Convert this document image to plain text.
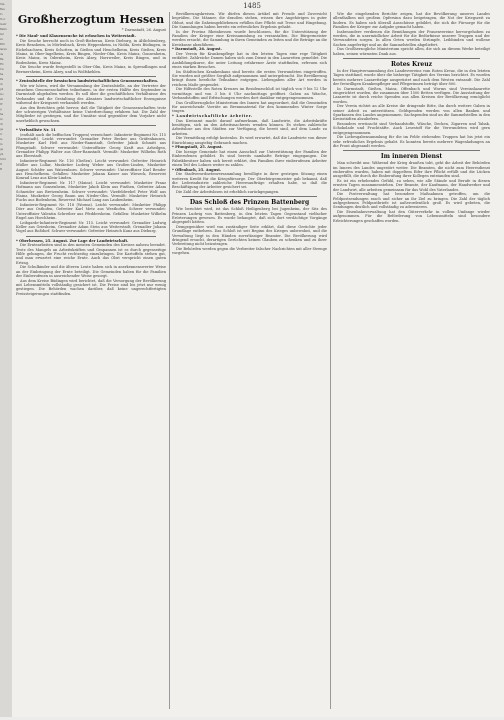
Sta
Bes
fo
Nov
Gebr
Bahn
tar
zu
Bür
laren
de
Ba
Rö
Ca
ha
Pa
di
ph
Go
sti
W
g
ha
ni
dt
ge
lc
le
m
ge
ph
Schl
N
B
1485
Großherzogtum Hessen
* Darmstadt, 26. August

* Die Maul- und Klauenseuche ist erloschen in Weiterstadt.

Die Seuche herrscht noch in Groß-Bieberau, Kreis Dieburg, in Altlichtenberg, Kreis Bensheim, in Mörlenbach, Kreis Heppenheim, in Nidda, Kreis Büdingen, in Eichelsachsen, Kreis Schotten, in Gießen und Heuchelheim, Kreis Gießen, Kreis Mainz, in Ober-Ingelheim, Kreis Bingen, Nieder-Olm, Kreis Mainz, Gonsenheim, Kreis Mainz, in Odernheim, Kreis Alzey, Horrweiler, Kreis Bingen, und in Bodenheim, Kreis Mainz.

Die Seuche wurde festgestellt in Ober-Olm, Kreis Mainz, in Sprendlingen und Bermersheim, Kreis Alzey, und in Wolfskehlen.

* Zentralstelle der hessischen landwirtschaftlichen Genossenschaften.

Wie wir hören, wird die Versammlung der Zentralstelle, an der Vertreter der einzelnen Genossenschaften teilnehmen, in der ersten Hälfte des September in Darmstadt abgehalten werden. Es soll über die geschäftlichen Verhältnisse des Verbandes und die Gestaltung des Absatzes landwirtschaftlicher Erzeugnisse während der Kriegszeit verhandelt werden.

Aus den Berichten geht hervor, daß die Tätigkeit der Genossenschaften trotz der schwierigen Verhältnisse keine Unterbrechung erfahren hat. Die Zahl der Mitglieder ist gestiegen, und die Umsätze sind gegenüber dem Vorjahre nicht unerheblich gewachsen.

* Verlustliste Nr. 11

(enthält auch die heffischen Truppen) verzeichnet: Infanterie-Regiment Nr. 115 (Darmstadt). Leicht verwundet: Grenadier Peter Becker aus Gräfenhausen, Musketier Karl Heß aus Nieder-Ramstadt, Gefreiter Jakob Schmitt aus Pfungstadt. Schwer verwundet: Unteroffizier Georg Kraft aus Arheilgen, Grenadier Philipp Walter aus Ober-Ramstadt. Vermißt: Musketier Wilhelm Roth aus Eberstadt.

Infanterie-Regiment Nr. 116 (Gießen). Leicht verwundet: Gefreiter Heinrich Müller aus Lollar, Musketier Ludwig Weber aus Großen-Linden, Musketier August Schäfer aus Watzenborn. Schwer verwundet: Unteroffizier Karl Bender aus Heuchelheim. Gefallen: Musketier Johann Kaiser aus Wieseck, Reservist Konrad Lenz aus Klein-Linden.

Infanterie-Regiment Nr. 117 (Mainz). Leicht verwundet: Musketier Franz Hofmann aus Gonsenheim, Musketier Jakob Klein aus Finthen, Gefreiter Adam Schneider aus Bretzenheim. Schwer verwundet: Vizefeldwebel Peter Wolf aus Mainz, Musketier Georg Baum aus Nieder-Olm. Vermißt: Musketier Heinrich Fuchs aus Bodenheim, Reservist Michael Lang aus Laubenheim.

Infanterie-Regiment Nr. 118 (Worms). Leicht verwundet: Musketier Philipp Dörr aus Osthofen, Gefreiter Karl Metz aus Westhofen. Schwer verwundet: Unteroffizier Valentin Schreiber aus Pfeddersheim. Gefallen: Musketier Wilhelm Engel aus Horchheim.

Leibgarde-Infanterie-Regiment Nr. 115. Leicht verwundet: Grenadier Ludwig Keller aus Griesheim, Grenadier Adam Stein aus Weiterstadt, Grenadier Johann Vogel aus Roßdorf. Schwer verwundet: Gefreiter Heinrich Kunz aus Dieburg.

* Oberhessen, 25. August. Zur Lage der Landwirtschaft.

Die Erntearbeiten sind in den meisten Gemeinden des Kreises nahezu beendet. Trotz des Mangels an Arbeitskräften und Gespannen ist es durch gegenseitige Hilfe gelungen, die Frucht rechtzeitig einzubringen. Die Kartoffeln stehen gut, und man erwartet eine reiche Ernte. Auch das Obst verspricht einen guten Ertrag.

Die Schulkinder und die älteren Leute haben sich in anerkennenswerter Weise an der Einbringung der Ernte beteiligt. Die Gemeinden haben für die Familien der Einberufenen in ausreichender Weise gesorgt.

Aus dem Kreise Büdingen wird berichtet, daß die Versorgung der Bevölkerung mit Lebensmitteln vollständig gesichert ist. Die Preise sind bis jetzt nur wenig gestiegen. Die Behörden wachen darüber, daß keine ungerechtfertigten Preissteigerungen stattfinden.

Bevölkerungskreisen. Wir dürfen diesen Artikel mit Freude und Zuversicht begrüßen. Die Männer, die draußen stehen, wissen ihre Angehörigen in guter Obhut, und die Daheimgebliebenen erfüllen ihre Pflicht mit Treue und Hingebung. Die Sammlungen haben bereits ein erfreuliches Ergebnis gehabt.

In der Provinz Rheinhessen wurde beschlossen, für die Unterstützung der Familien der Krieger eine Kreissammlung zu veranstalten. Die Bürgermeister werden ersucht, die Sammlung in ihren Gemeinden zu leiten und die Beträge an die Kreiskasse abzuführen.

* Darmstadt, 26. August.

Der Verein für Krankenpflege hat in den letzten Tagen eine rege Tätigkeit entfaltet. Zahlreiche Damen haben sich zum Dienst in den Lazaretten gemeldet. Die Ausbildungskurse, die unter Leitung erfahrener Ärzte stattfinden, erfreuen sich eines starken Besuches.

Im Städtischen Krankenhaus sind bereits die ersten Verwundeten eingetroffen. Sie wurden mit größter Sorgfalt aufgenommen und untergebracht. Die Bevölkerung bringt ihnen herzliche Teilnahme entgegen. Liebesgaben aller Art werden in reichem Maße gespendet.

Die Hilfsstelle des Roten Kreuzes im Residenzschloß ist täglich von 9 bis 12 Uhr vormittags und von 3 bis 6 Uhr nachmittags geöffnet. Gaben an Wäsche, Verbandstoffen und Erfrischungen werden dort dankbar entgegengenommen.

Das Großherzogliche Ministerium des Innern hat angeordnet, daß die Gemeinden für ausreichende Vorräte an Brennmaterial für den kommenden Winter Sorge tragen.

* Landwirtschaftliche Arbeiter.

Das Kreisamt macht darauf aufmerksam, daß Landwirte, die Arbeitskräfte benötigen, sich an den Arbeitsnachweis wenden können. Es stehen zahlreiche Arbeitslose aus den Städten zur Verfügung, die bereit sind, auf dem Lande zu arbeiten.

Die Vermittlung erfolgt kostenlos. Es wird erwartet, daß die Landwirte von dieser Einrichtung ausgiebig Gebrauch machen.

* Pfungstadt, 25. August.

Die hiesige Gemeinde hat einen Ausschuß zur Unterstützung der Familien der Einberufenen gebildet. Es sind bereits namhafte Beträge eingegangen. Die Fabrikbesitzer haben sich bereit erklärt, den Familien ihrer einberufenen Arbeiter einen Teil des Lohnes weiter zu zahlen.

* Offenbach, 25. August.

Die Stadtverordnetenversammlung bewilligte in ihrer gestrigen Sitzung einen weiteren Kredit für die Kriegsfürsorge. Der Oberbürgermeister gab bekannt, daß die Lederindustrie zahlreiche Heeresaufträge erhalten habe, so daß die Beschäftigung der Arbeiter gesichert sei.

Die Zahl der Arbeitslosen ist erheblich zurückgegangen.

Das Schloß des Prinzen Battenberg

Wie berichtet wird, ist das Schloß Heiligenberg bei Jugenheim, der Sitz des Prinzen Ludwig von Battenberg, in den letzten Tagen Gegenstand vielfacher Erörterungen gewesen. Es wurde behauptet, daß sich dort verdächtige Vorgänge abgespielt hätten.

Demgegenüber wird von zuständiger Seite erklärt, daß diese Gerüchte jeder Grundlage entbehren. Das Schloß ist seit Beginn des Krieges unbewohnt, und die Verwaltung liegt in den Händen zuverlässiger Beamter. Die Bevölkerung wird dringend ersucht, derartigen Gerüchten keinen Glauben zu schenken und zu ihrer Verbreitung nicht beizutragen.

Die Behörden werden gegen die Verbreiter falscher Nachrichten mit aller Strenge vorgehen.

Wie die eingehenden Berichte zeigen, hat die Bevölkerung unseres Landes allenthalben mit großem Opfersinn dazu beigetragen, die Not der Kriegszeit zu lindern. Es haben sich überall Ausschüsse gebildet, die sich die Fürsorge für die Familien der Krieger zur Aufgabe gemacht haben.

Insbesondere verdienen die Bemühungen der Frauenvereine hervorgehoben zu werden, die in unermüdlicher Arbeit für die Bedürfnisse unserer Truppen und der Verwundeten sorgen. In allen Orten werden Strümpfe, Leibbinden und wollene Sachen angefertigt und an die Sammelstellen abgeliefert.

Das Großherzogliche Ministerium spricht allen, die sich an diesem Werke beteiligt haben, seinen wärmsten Dank aus.

Rotes Kreuz

In der Hauptversammlung des Landesvereins vom Roten Kreuz, die in den letzten Tagen stattfand, wurde über die bisherige Tätigkeit des Vereins berichtet. Es wurden bereits mehrere Lazarettzüge ausgerüstet und nach dem Westen entsandt. Die Zahl der freiwilligen Krankenpfleger und Pflegerinnen beträgt über 800.

In Darmstadt, Gießen, Mainz, Offenbach und Worms sind Vereinslazarette eingerichtet worden, die zusammen über 1500 Betten verfügen. Die Ausstattung der Lazarette ist durch reiche Spenden aus allen Kreisen der Bevölkerung ermöglicht worden.

Der Verein richtet an alle Kreise die dringende Bitte, ihn durch weitere Gaben in seiner Arbeit zu unterstützen. Geldspenden werden von allen Banken und Sparkassen des Landes angenommen. Sachspenden sind an die Sammelstellen in den Kreisstädten abzuliefern.

Besonders erwünscht sind Verbandstoffe, Wäsche, Decken, Zigarren und Tabak, Schokolade und Fruchtsäfte. Auch Lesestoff für die Verwundeten wird gern entgegengenommen.

Die Liebesgabensammlung für die im Felde stehenden Truppen hat bis jetzt ein sehr erfreuliches Ergebnis gehabt. Es konnten bereits mehrere Wagenladungen an die Front abgesandt werden.

Im inneren Dienst

Man schreibt uns: Während der Krieg draußen tobt, geht die Arbeit der Behörden im Innern des Landes ungestört weiter. Die Beamten, die nicht zum Heeresdienst einberufen wurden, haben mit doppeltem Eifer ihre Pflicht erfüllt und die Lücken ausgefüllt, die durch die Einberufung ihrer Kollegen entstanden sind.

Es ist ein erhebendes Gefühl, zu sehen, wie alle Stände und Berufe in diesen ernsten Tagen zusammenstehen. Der Beamte, der Kaufmann, der Handwerker und der Landwirt, alle arbeiten gemeinsam für das Wohl des Vaterlandes.

Die Postverwaltung hat besondere Maßnahmen getroffen, um die Feldpostsendungen rasch und sicher an ihr Ziel zu bringen. Die Zahl der täglich aufgegebenen Feldpostbriefe ist außerordentlich groß. Es wird gebeten, die Sendungen deutlich und vollständig zu adressieren.

Die Eisenbahnverwaltung hat den Güterverkehr in vollem Umfange wieder aufgenommen. Für die Beförderung von Lebensmitteln sind besondere Erleichterungen geschaffen worden.
